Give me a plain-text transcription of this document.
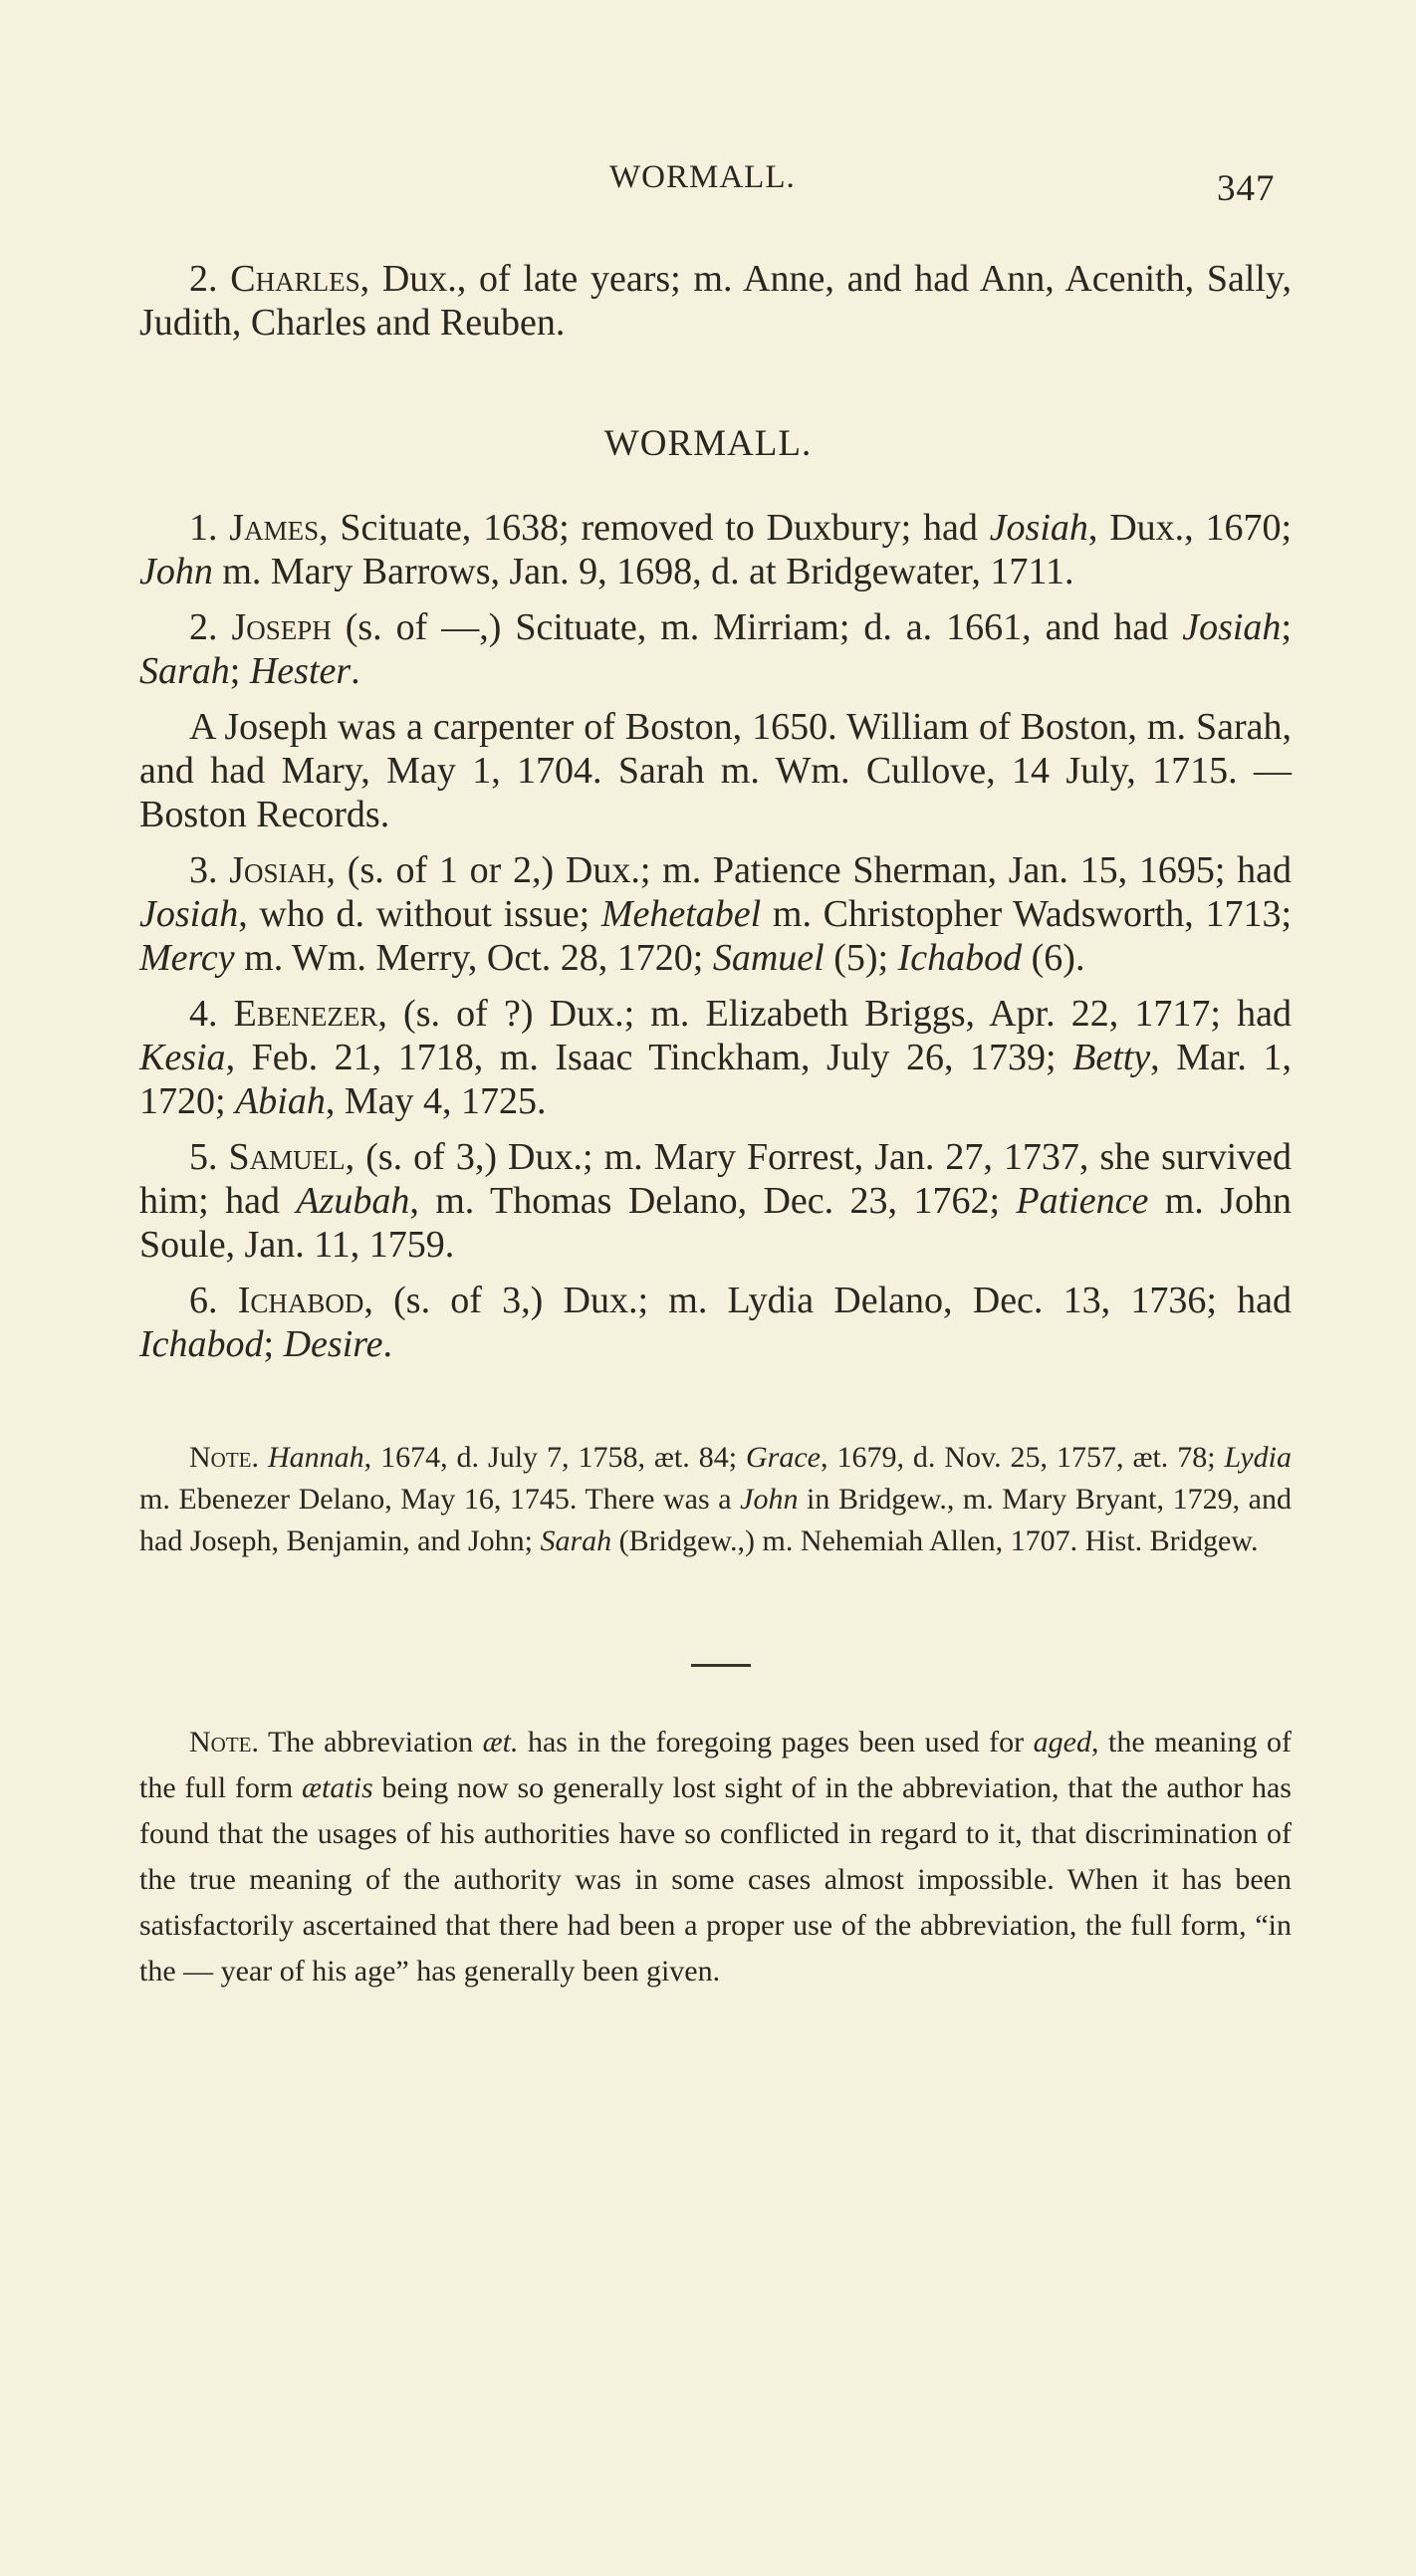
WORMALL.	347

2. Charles, Dux., of late years; m. Anne, and had Ann, Acenith, Sally, Judith, Charles and Reuben.

WORMALL.

1. James, Scituate, 1638; removed to Duxbury; had Josiah, Dux., 1670; John m. Mary Barrows, Jan. 9, 1698, d. at Bridgewater, 1711.

2. Joseph (s. of —,) Scituate, m. Mirriam; d. a. 1661, and had Josiah; Sarah; Hester.

A Joseph was a carpenter of Boston, 1650. William of Boston, m. Sarah, and had Mary, May 1, 1704. Sarah m. Wm. Cullove, 14 July, 1715. — Boston Records.

3. Josiah, (s. of 1 or 2,) Dux.; m. Patience Sherman, Jan. 15, 1695; had Josiah, who d. without issue; Mehetabel m. Christopher Wadsworth, 1713; Mercy m. Wm. Merry, Oct. 28, 1720; Samuel (5); Ichabod (6).

4. Ebenezer, (s. of ?) Dux.; m. Elizabeth Briggs, Apr. 22, 1717; had Kesia, Feb. 21, 1718, m. Isaac Tinckham, July 26, 1739; Betty, Mar. 1, 1720; Abiah, May 4, 1725.

5. Samuel, (s. of 3,) Dux.; m. Mary Forrest, Jan. 27, 1737, she survived him; had Azubah, m. Thomas Delano, Dec. 23, 1762; Patience m. John Soule, Jan. 11, 1759.

6. Ichabod, (s. of 3,) Dux.; m. Lydia Delano, Dec. 13, 1736; had Ichabod; Desire.

Note. Hannah, 1674, d. July 7, 1758, æt. 84; Grace, 1679, d. Nov. 25, 1757, æt. 78; Lydia m. Ebenezer Delano, May 16, 1745. There was a John in Bridgew., m. Mary Bryant, 1729, and had Joseph, Benjamin, and John; Sarah (Bridgew.,) m. Nehemiah Allen, 1707. Hist. Bridgew.

Note. The abbreviation æt. has in the foregoing pages been used for aged, the meaning of the full form ætatis being now so generally lost sight of in the abbreviation, that the author has found that the usages of his authorities have so conflicted in regard to it, that discrimination of the true meaning of the authority was in some cases almost impossible. When it has been satisfactorily ascertained that there had been a proper use of the abbreviation, the full form, “in the — year of his age” has generally been given.
